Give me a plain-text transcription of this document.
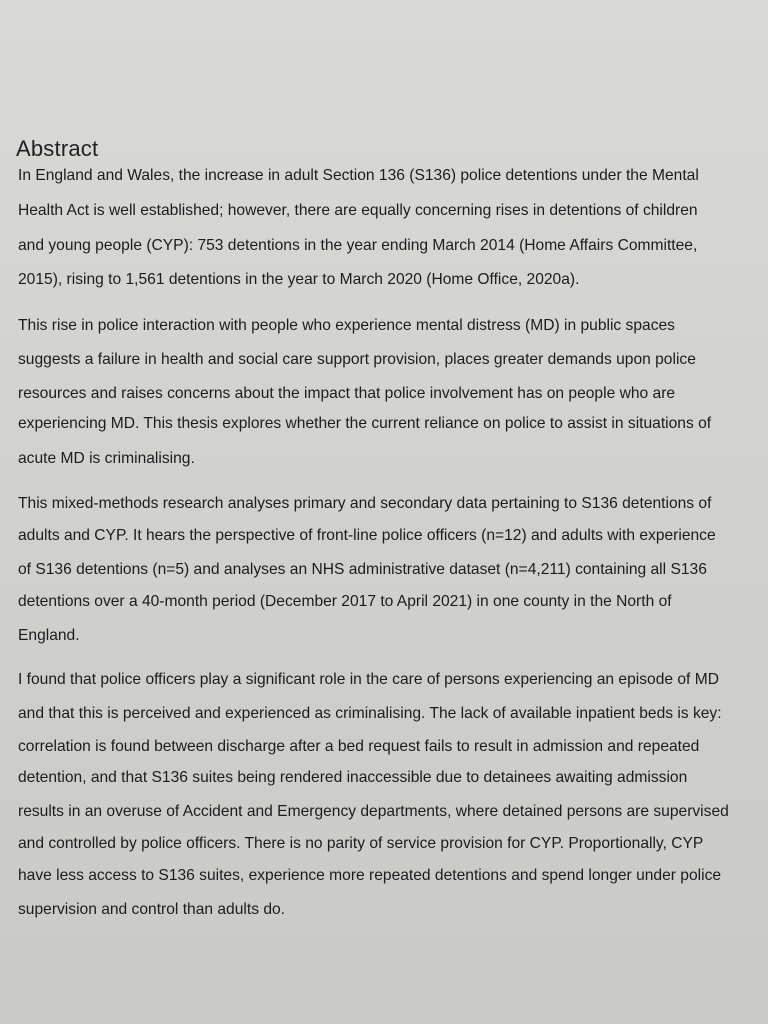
Abstract
In England and Wales, the increase in adult Section 136 (S136) police detentions under the Mental
Health Act is well established; however, there are equally concerning rises in detentions of children
and young people (CYP): 753 detentions in the year ending March 2014 (Home Affairs Committee,
2015), rising to 1,561 detentions in the year to March 2020 (Home Office, 2020a).
This rise in police interaction with people who experience mental distress (MD) in public spaces
suggests a failure in health and social care support provision, places greater demands upon police
resources and raises concerns about the impact that police involvement has on people who are
experiencing MD. This thesis explores whether the current reliance on police to assist in situations of
acute MD is criminalising.
This mixed-methods research analyses primary and secondary data pertaining to S136 detentions of
adults and CYP. It hears the perspective of front-line police officers (n=12) and adults with experience
of S136 detentions (n=5) and analyses an NHS administrative dataset (n=4,211) containing all S136
detentions over a 40-month period (December 2017 to April 2021) in one county in the North of
England.
I found that police officers play a significant role in the care of persons experiencing an episode of MD
and that this is perceived and experienced as criminalising. The lack of available inpatient beds is key:
correlation is found between discharge after a bed request fails to result in admission and repeated
detention, and that S136 suites being rendered inaccessible due to detainees awaiting admission
results in an overuse of Accident and Emergency departments, where detained persons are supervised
and controlled by police officers. There is no parity of service provision for CYP. Proportionally, CYP
have less access to S136 suites, experience more repeated detentions and spend longer under police
supervision and control than adults do.
